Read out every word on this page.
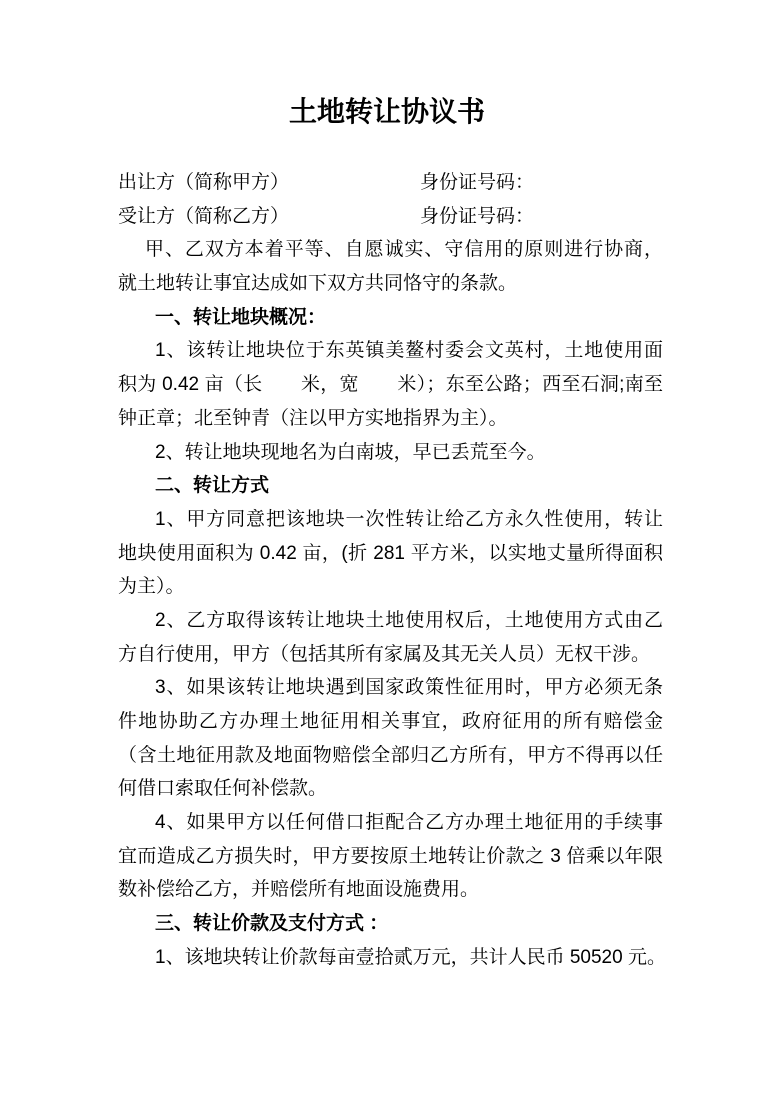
土地转让协议书
出让方（简称甲方）	身份证号码：
受让方（简称乙方）	身份证号码：
甲、乙双方本着平等、自愿诚实、守信用的原则进行协商，
就土地转让事宜达成如下双方共同恪守的条款。
一、转让地块概况：
1、该转让地块位于东英镇美鳌村委会文英村，土地使用面
积为 0.42 亩（长　　米，宽　　米）；东至公路；西至石洞;南至
钟正章；北至钟青（注以甲方实地指界为主）。
2、转让地块现地名为白南坡，早已丢荒至今。
二、转让方式
1、甲方同意把该地块一次性转让给乙方永久性使用，转让
地块使用面积为 0.42 亩，(折 281 平方米，以实地丈量所得面积
为主）。
2、乙方取得该转让地块土地使用权后，土地使用方式由乙
方自行使用，甲方（包括其所有家属及其无关人员）无权干涉。
3、如果该转让地块遇到国家政策性征用时，甲方必须无条
件地协助乙方办理土地征用相关事宜，政府征用的所有赔偿金
（含土地征用款及地面物赔偿全部归乙方所有，甲方不得再以任
何借口索取任何补偿款。
4、如果甲方以任何借口拒配合乙方办理土地征用的手续事
宜而造成乙方损失时，甲方要按原土地转让价款之 3 倍乘以年限
数补偿给乙方，并赔偿所有地面设施费用。
三、转让价款及支付方式 ：
1、该地块转让价款每亩壹拾贰万元，共计人民币 50520 元。
